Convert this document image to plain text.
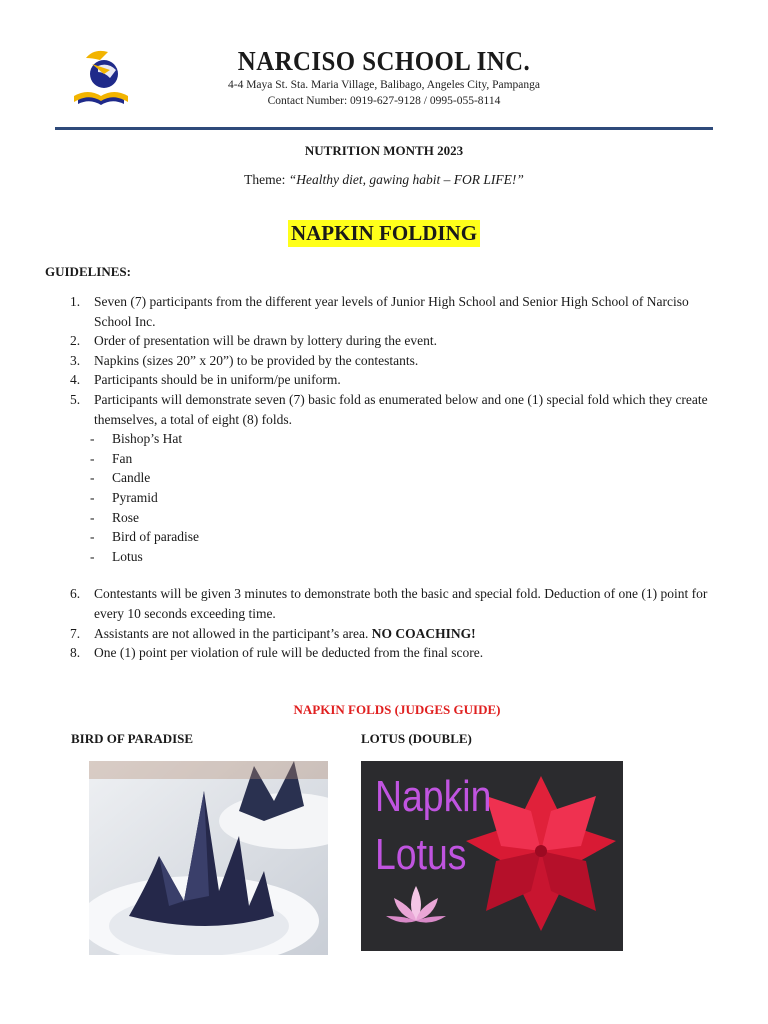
NARCISO SCHOOL INC.
4-4 Maya St. Sta. Maria Village, Balibago, Angeles City, Pampanga
Contact Number: 0919-627-9128 / 0995-055-8114
NUTRITION MONTH 2023
Theme: “Healthy diet, gawing habit – FOR LIFE!”
NAPKIN FOLDING
GUIDELINES:
1.	Seven (7) participants from the different year levels of Junior High School and Senior High School of Narciso School Inc.
2.	Order of presentation will be drawn by lottery during the event.
3.	Napkins (sizes 20” x 20”) to be provided by the contestants.
4.	Participants should be in uniform/pe uniform.
5.	Participants will demonstrate seven (7) basic fold as enumerated below and one (1) special fold which they create themselves, a total of eight (8) folds.
-	Bishop’s Hat
-	Fan
-	Candle
-	Pyramid
-	Rose
-	Bird of paradise
-	Lotus
6.	Contestants will be given 3 minutes to demonstrate both the basic and special fold. Deduction of one (1) point for every 10 seconds exceeding time.
7.	Assistants are not allowed in the participant’s area. NO COACHING!
8.	One (1) point per violation of rule will be deducted from the final score.
NAPKIN FOLDS (JUDGES GUIDE)
BIRD OF PARADISE	LOTUS (DOUBLE)
Napkin
Lotus
